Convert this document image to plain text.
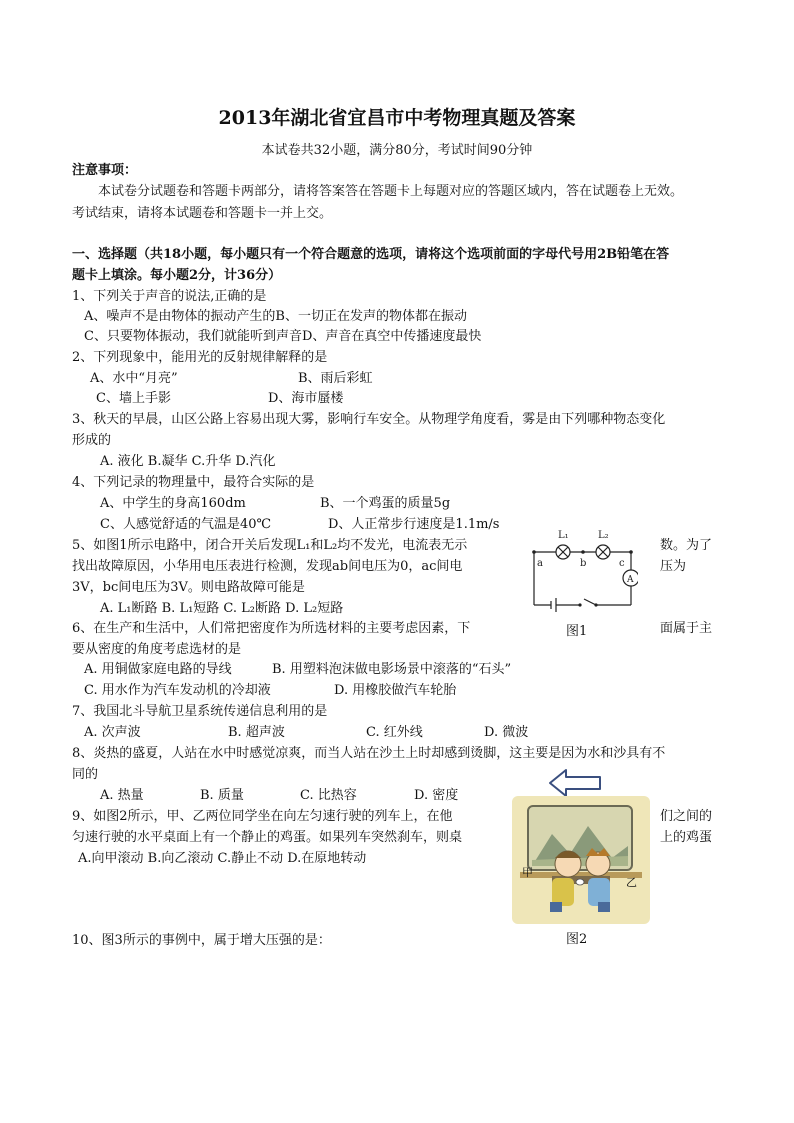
2013年湖北省宜昌市中考物理真题及答案
本试卷共32小题，满分80分，考试时间90分钟
注意事项：
本试卷分试题卷和答题卡两部分，请将答案答在答题卡上每题对应的答题区域内，答在试题卷上无效。
考试结束，请将本试题卷和答题卡一并上交。
一、选择题（共18小题，每小题只有一个符合题意的选项，请将这个选项前面的字母代号用2B铅笔在答
题卡上填涂。每小题2分，计36分）
1、下列关于声音的说法,正确的是
A、噪声不是由物体的振动产生的B、一切正在发声的物体都在振动
C、只要物体振动，我们就能听到声音D、声音在真空中传播速度最快
2、下列现象中，能用光的反射规律解释的是
A、水中“月亮”	B、雨后彩虹
C、墙上手影	D、海市蜃楼
3、秋天的早晨，山区公路上容易出现大雾，影响行车安全。从物理学角度看，雾是由下列哪种物态变化
形成的
A. 液化 B.凝华 C.升华 D.汽化
4、下列记录的物理量中，最符合实际的是
A、中学生的身高160dm	B、一个鸡蛋的质量5g
C、人感觉舒适的气温是40℃	D、人正常步行速度是1.1m/s
5、如图1所示电路中，闭合开关后发现L₁和L₂均不发光，电流表无示	数。为了
找出故障原因，小华用电压表进行检测，发现ab间电压为0，ac间电	压为
3V，bc间电压为3V。则电路故障可能是
A. L₁断路 B. L₁短路 C. L₂断路 D. L₂短路
L₁	L₂
a	b	c
A
图1
6、在生产和生活中，人们常把密度作为所选材料的主要考虑因素，下	面属于主
要从密度的角度考虑选材的是
A. 用铜做家庭电路的导线	B. 用塑料泡沫做电影场景中滚落的“石头”
C. 用水作为汽车发动机的冷却液	D. 用橡胶做汽车轮胎
7、我国北斗导航卫星系统传递信息利用的是
A. 次声波	B. 超声波	C. 红外线	D. 微波
8、炎热的盛夏，人站在水中时感觉凉爽，而当人站在沙土上时却感到烫脚，这主要是因为水和沙具有不
同的
A. 热量	B. 质量	C. 比热容	D. 密度
9、如图2所示，甲、乙两位同学坐在向左匀速行驶的列车上，在他	们之间的
匀速行驶的水平桌面上有一个静止的鸡蛋。如果列车突然刹车，则桌	上的鸡蛋
A.向甲滚动 B.向乙滚动 C.静止不动 D.在原地转动
甲
乙
图2
10、图3所示的事例中，属于增大压强的是：
